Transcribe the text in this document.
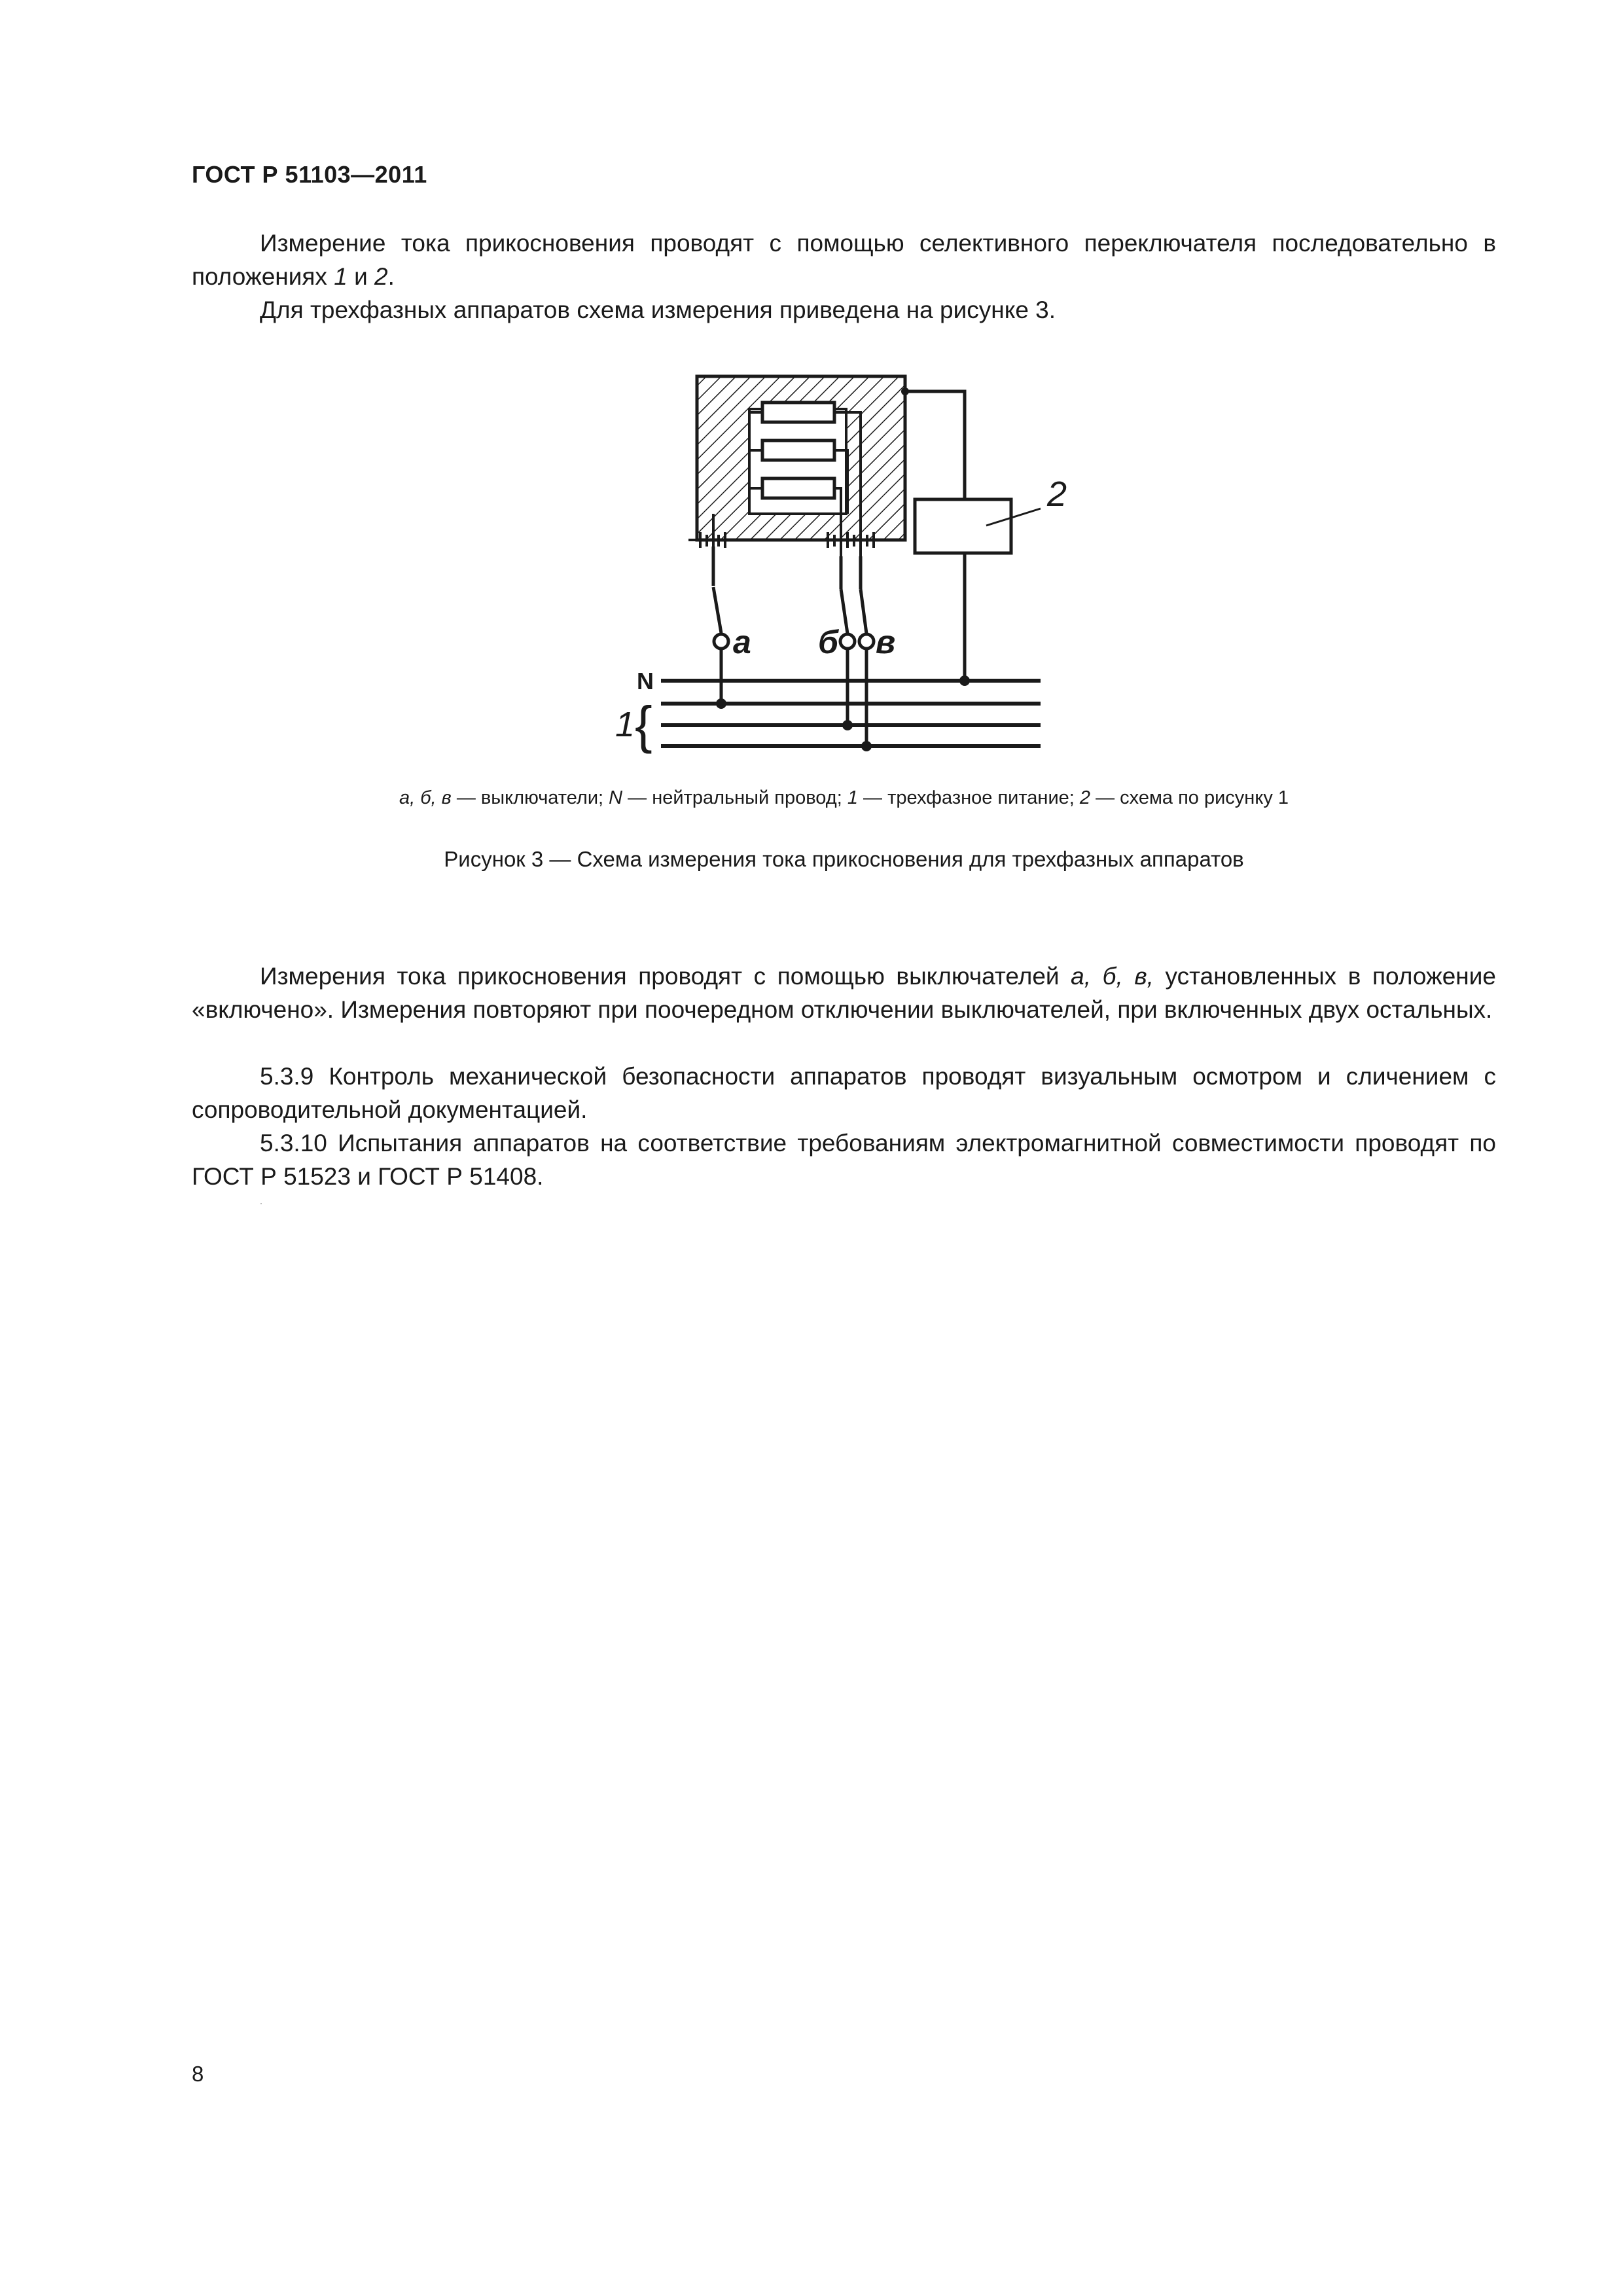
ГОСТ Р 51103—2011

Измерение тока прикосновения проводят с помощью селективного переключателя последовательно в положениях 1 и 2.

Для трехфазных аппаратов схема измерения приведена на рисунке 3.

2
а б в
N
1 {
а, б, в — выключатели; N — нейтральный провод; 1 — трехфазное питание; 2 — схема по рисунку 1
Рисунок 3 — Схема измерения тока прикосновения для трехфазных аппаратов

Измерения тока прикосновения проводят с помощью выключателей а, б, в, установленных в положение «включено». Измерения повторяют при поочередном отключении выключателей, при включенных двух остальных.

5.3.9 Контроль механической безопасности аппаратов проводят визуальным осмотром и сличением с сопроводительной документацией.

5.3.10 Испытания аппаратов на соответствие требованиям электромагнитной совместимости проводят по ГОСТ Р 51523 и ГОСТ Р 51408.

8
